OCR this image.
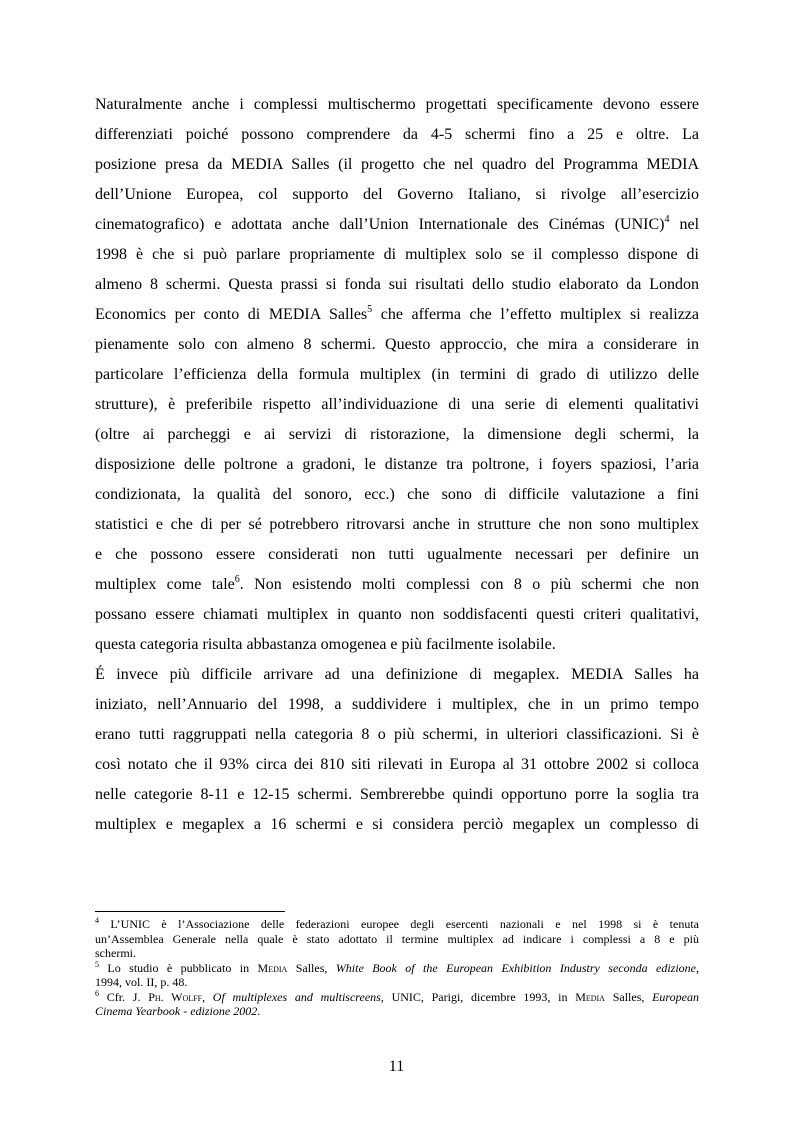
Naturalmente anche i complessi multischermo progettati specificamente devono essere
differenziati poiché possono comprendere da 4-5 schermi fino a 25 e oltre. La
posizione presa da MEDIA Salles (il progetto che nel quadro del Programma MEDIA
dell’Unione Europea, col supporto del Governo Italiano, si rivolge all’esercizio
cinematografico) e adottata anche dall’Union Internationale des Cinémas (UNIC)$^4$ nel
1998 è che si può parlare propriamente di multiplex solo se il complesso dispone di
almeno 8 schermi. Questa prassi si fonda sui risultati dello studio elaborato da London
Economics per conto di MEDIA Salles$^5$ che afferma che l’effetto multiplex si realizza
pienamente solo con almeno 8 schermi. Questo approccio, che mira a considerare in
particolare l’efficienza della formula multiplex (in termini di grado di utilizzo delle
strutture), è preferibile rispetto all’individuazione di una serie di elementi qualitativi
(oltre ai parcheggi e ai servizi di ristorazione, la dimensione degli schermi, la
disposizione delle poltrone a gradoni, le distanze tra poltrone, i foyers spaziosi, l’aria
condizionata, la qualità del sonoro, ecc.) che sono di difficile valutazione a fini
statistici e che di per sé potrebbero ritrovarsi anche in strutture che non sono multiplex
e che possono essere considerati non tutti ugualmente necessari per definire un
multiplex come tale$^6$. Non esistendo molti complessi con 8 o più schermi che non
possano essere chiamati multiplex in quanto non soddisfacenti questi criteri qualitativi,
questa categoria risulta abbastanza omogenea e più facilmente isolabile.
É invece più difficile arrivare ad una definizione di megaplex. MEDIA Salles ha
iniziato, nell’Annuario del 1998, a suddividere i multiplex, che in un primo tempo
erano tutti raggruppati nella categoria 8 o più schermi, in ulteriori classificazioni. Si è
così notato che il 93% circa dei 810 siti rilevati in Europa al 31 ottobre 2002 si colloca
nelle categorie 8-11 e 12-15 schermi. Sembrerebbe quindi opportuno porre la soglia tra
multiplex e megaplex a 16 schermi e si considera perciò megaplex un complesso di
$^4$ L’UNIC è l’Associazione delle federazioni europee degli esercenti nazionali e nel 1998 si è tenuta
un’Assemblea Generale nella quale è stato adottato il termine multiplex ad indicare i complessi a 8 e più
schermi.
$^5$ Lo studio è pubblicato in Media Salles, White Book of the European Exhibition Industry seconda edizione,
1994, vol. II, p. 48.
$^6$ Cfr. J. Ph. Wolff, Of multiplexes and multiscreens, UNIC, Parigi, dicembre 1993, in Media Salles, European
Cinema Yearbook - edizione 2002.
11
